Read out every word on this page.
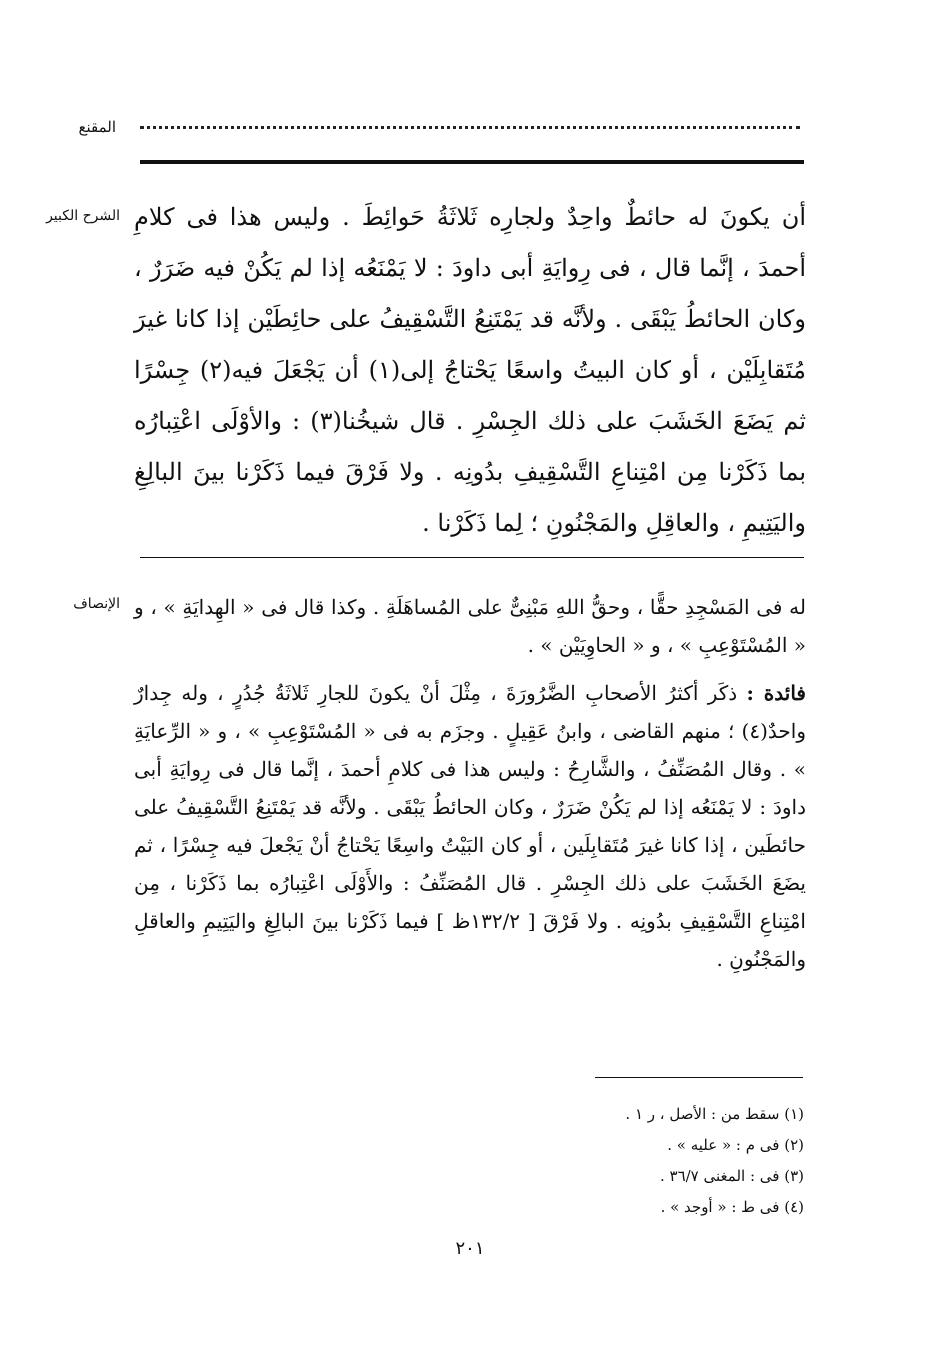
المقنع
الشرح الكبير أن يكونَ له حائطٌ واحِدٌ ولجارِه ثَلاثَةُ حَوائِطَ . وليس هذا فى كلامِ أحمدَ ، إنَّما قال ، فى رِوايَةِ أبى داودَ : لا يَمْنَعُه إذا لم يَكُنْ فيه ضَرَرٌ ، وكان الحائطُ يَبْقَى . ولأنَّه قد يَمْتَنِعُ التَّسْقِيفُ على حائِطَيْن إذا كانا غيرَ مُتَقابِلَيْن ، أو كان البيتُ واسعًا يَحْتاجُ إلى(١) أن يَجْعَلَ فيه(٢) جِسْرًا ثم يَضَعَ الخَشَبَ على ذلك الجِسْرِ . قال شيخُنا(٣) : والأوْلَى اعْتِبارُه بما ذَكَرْنا مِن امْتِناعِ التَّسْقِيفِ بدُونِه . ولا فَرْقَ فيما ذَكَرْنا بينَ البالِغِ واليَتِيمِ ، والعاقِلِ والمَجْنُونِ ؛ لِما ذَكَرْنا .
الإنصاف له فى المَسْجِدِ حقًّا ، وحقُّ اللهِ مَبْنِىٌّ على المُساهَلَةِ . وكذا قال فى « الهِدايَةِ » ، و « المُسْتَوْعِبِ » ، و « الحاوِيَيْن » .

فائدة : ذكَر أكثرُ الأصحابِ الضَّرُورَةَ ، مِثْلَ أنْ يكونَ للجارِ ثَلاثَةُ جُدُرٍ ، وله جِدارٌ واحدٌ(٤) ؛ منهم القاضى ، وابنُ عَقِيلٍ . وجزَم به فى « المُسْتَوْعِبِ » ، و « الرِّعايَةِ » . وقال المُصَنِّفُ ، والشَّارِحُ : وليس هذا فى كلامِ أحمدَ ، إنَّما قال فى رِوايَةِ أبى داودَ : لا يَمْنَعُه إذا لم يَكُنْ ضَرَرٌ ، وكان الحائطُ يَبْقَى . ولأنَّه قد يَمْتَنِعُ التَّسْقِيفُ على حائطَين ، إذا كانا غيرَ مُتَقابِلَين ، أو كان البَيْتُ واسِعًا يَحْتاجُ أنْ يَجْعلَ فيه جِسْرًا ، ثم يضَعَ الخَشَبَ على ذلك الجِسْرِ . قال المُصَنِّفُ : والأَوْلَى اعْتِبارُه بما ذَكَرْنا ، مِن امْتِناعِ التَّسْقِيفِ بدُونِه . ولا فَرْقَ [ ١٣٢/٢ظ ] فيما ذَكَرْنا بينَ البالِغِ واليَتِيمِ والعاقلِ والمَجْنُونِ .

(١) سقط من : الأصل ، ر ١ .
(٢) فى م : « عليه » .
(٣) فى : المغنى ٣٦/٧ .
(٤) فى ط : « أوجد » .
٢٠١
